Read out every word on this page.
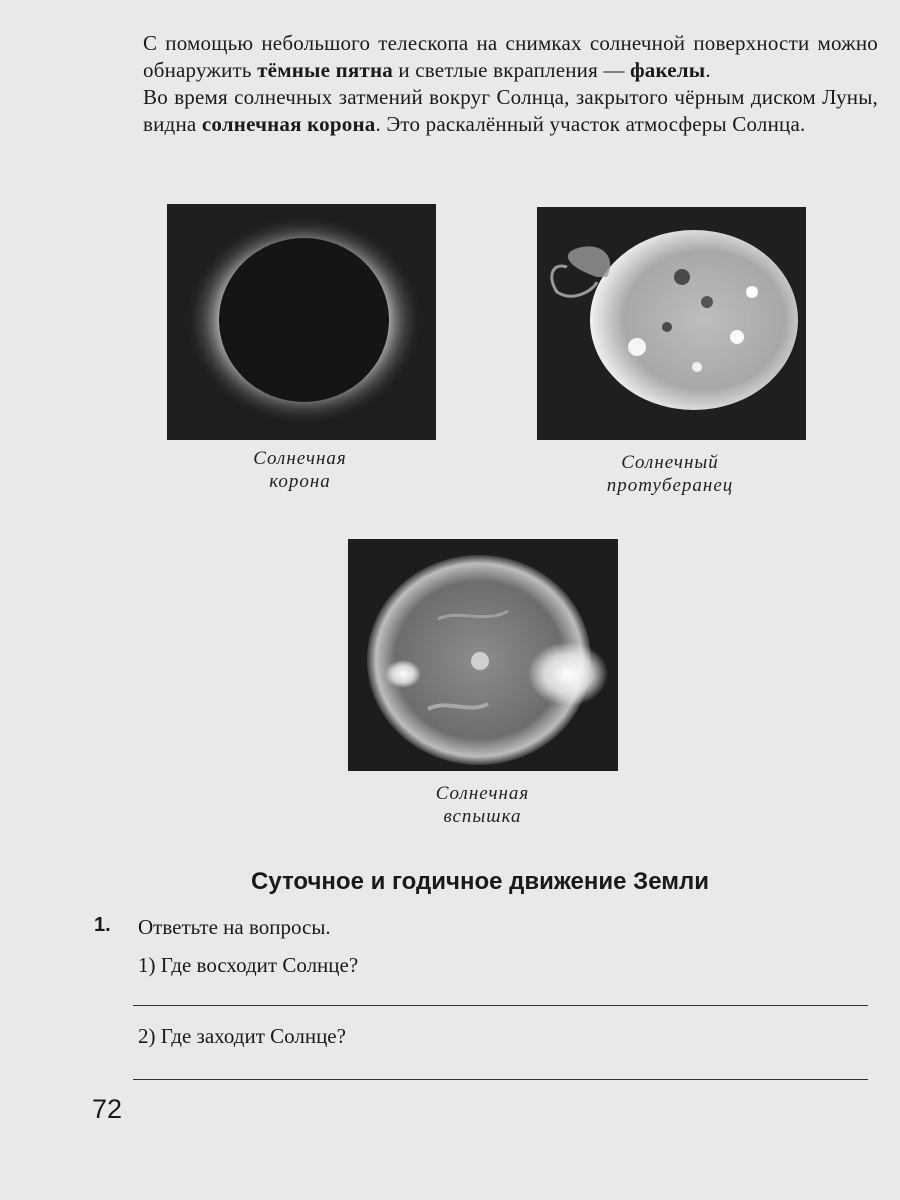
С помощью небольшого телескопа на снимках солнечной поверхности можно обнаружить тёмные пятна и светлые вкрапления — факелы.

Во время солнечных затмений вокруг Солнца, закрытого чёрным диском Луны, видна солнечная корона. Это раскалённый участок атмосферы Солнца.

Солнечная
корона
Солнечный
протуберанец
Солнечная
вспышка
Суточное и годичное движение Земли
1. Ответьте на вопросы.
1) Где восходит Солнце?
2) Где заходит Солнце?
72
